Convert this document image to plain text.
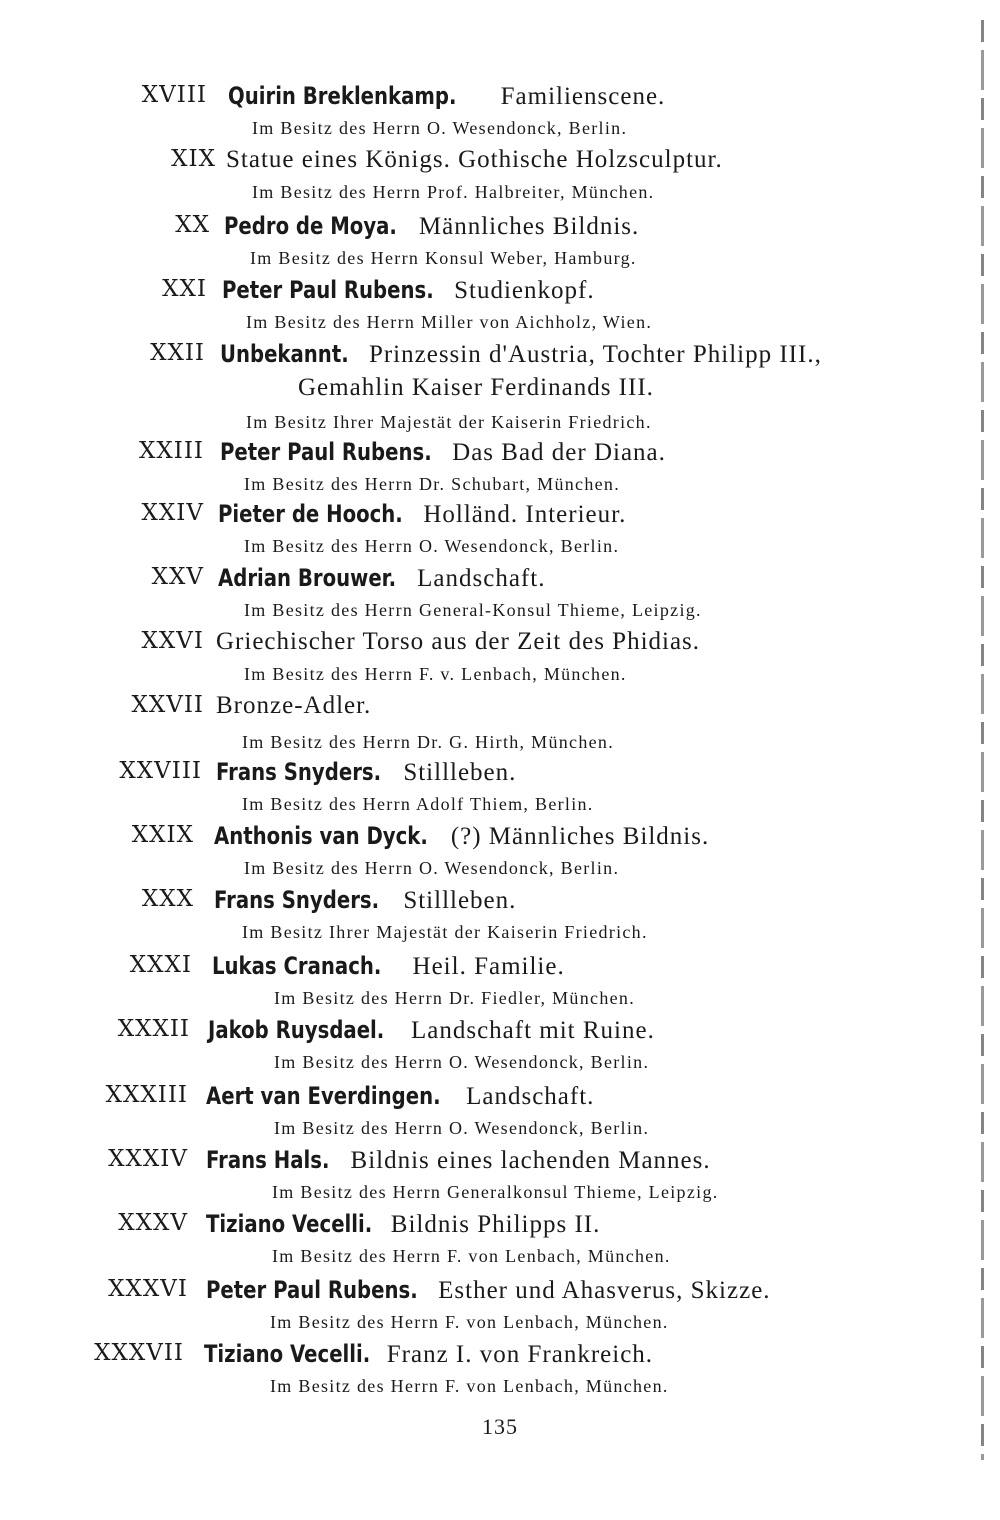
XVIII Quirin Breklenkamp. Familienscene.
Im Besitz des Herrn O. Wesendonck, Berlin.
XIX Statue eines Königs. Gothische Holzsculptur.
Im Besitz des Herrn Prof. Halbreiter, München.
XX Pedro de Moya. Männliches Bildnis.
Im Besitz des Herrn Konsul Weber, Hamburg.
XXI Peter Paul Rubens. Studienkopf.
Im Besitz des Herrn Miller von Aichholz, Wien.
XXII Unbekannt. Prinzessin d'Austria, Tochter Philipp III.,
Gemahlin Kaiser Ferdinands III.
Im Besitz Ihrer Majestät der Kaiserin Friedrich.
XXIII Peter Paul Rubens. Das Bad der Diana.
Im Besitz des Herrn Dr. Schubart, München.
XXIV Pieter de Hooch. Holländ. Interieur.
Im Besitz des Herrn O. Wesendonck, Berlin.
XXV Adrian Brouwer. Landschaft.
Im Besitz des Herrn General-Konsul Thieme, Leipzig.
XXVI Griechischer Torso aus der Zeit des Phidias.
Im Besitz des Herrn F. v. Lenbach, München.
XXVII Bronze-Adler.
Im Besitz des Herrn Dr. G. Hirth, München.
XXVIII Frans Snyders. Stillleben.
Im Besitz des Herrn Adolf Thiem, Berlin.
XXIX Anthonis van Dyck. (?) Männliches Bildnis.
Im Besitz des Herrn O. Wesendonck, Berlin.
XXX Frans Snyders. Stillleben.
Im Besitz Ihrer Majestät der Kaiserin Friedrich.
XXXI Lukas Cranach. Heil. Familie.
Im Besitz des Herrn Dr. Fiedler, München.
XXXII Jakob Ruysdael. Landschaft mit Ruine.
Im Besitz des Herrn O. Wesendonck, Berlin.
XXXIII Aert van Everdingen. Landschaft.
Im Besitz des Herrn O. Wesendonck, Berlin.
XXXIV Frans Hals. Bildnis eines lachenden Mannes.
Im Besitz des Herrn Generalkonsul Thieme, Leipzig.
XXXV Tiziano Vecelli. Bildnis Philipps II.
Im Besitz des Herrn F. von Lenbach, München.
XXXVI Peter Paul Rubens. Esther und Ahasverus, Skizze.
Im Besitz des Herrn F. von Lenbach, München.
XXXVII Tiziano Vecelli. Franz I. von Frankreich.
Im Besitz des Herrn F. von Lenbach, München.
135
